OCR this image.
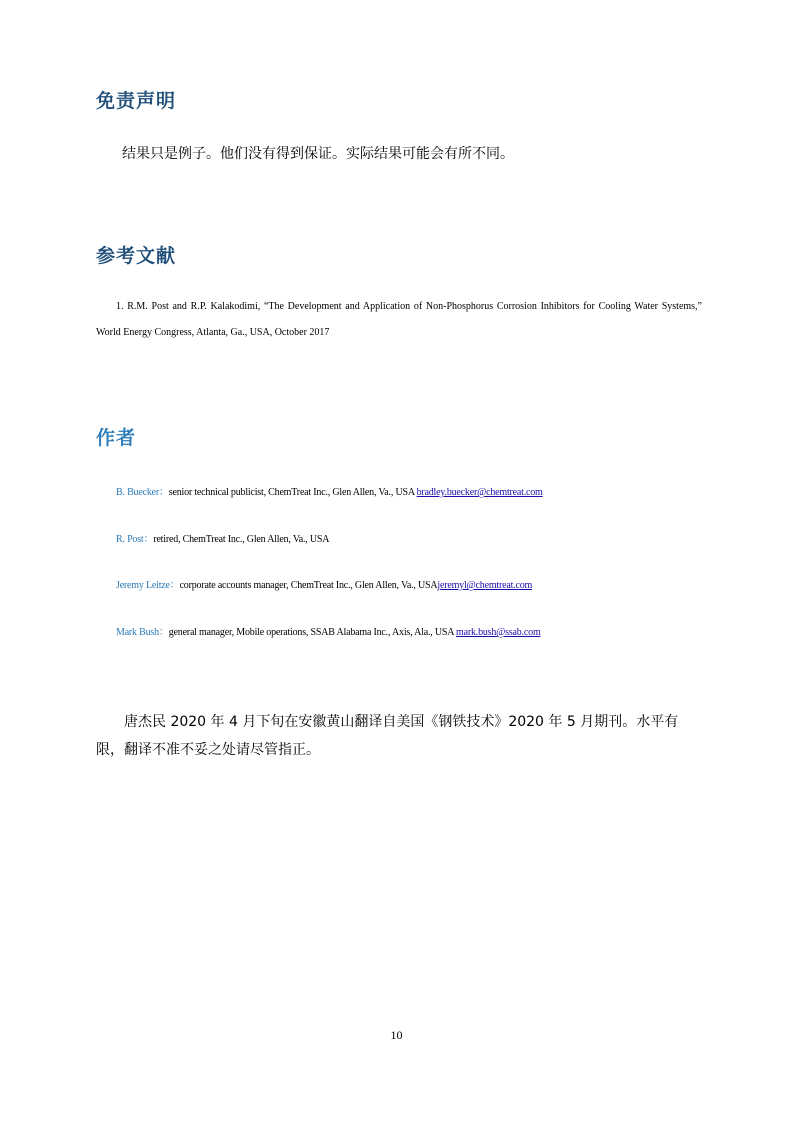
免责声明

结果只是例子。他们没有得到保证。实际结果可能会有所不同。

参考文献

1. R.M. Post and R.P. Kalakodimi, “The Development and Application of Non-Phosphorus Corrosion Inhibitors for Cooling Water Systems,” World Energy Congress, Atlanta, Ga., USA, October 2017

作者

B. Buecker：senior technical publicist, ChemTreat Inc., Glen Allen, Va., USA bradley.buecker@chemtreat.com

R. Post：retired, ChemTreat Inc., Glen Allen, Va., USA

Jeremy Leitze：corporate accounts manager, ChemTreat Inc., Glen Allen, Va., USAjeremyl@chemtreat.com

Mark Bush：general manager, Mobile operations, SSAB Alabama Inc., Axis, Ala., USA mark.bush@ssab.com

唐杰民 2020 年 4 月下旬在安徽黄山翻译自美国《钢铁技术》2020 年 5 月期刊。水平有限，翻译不准不妥之处请尽管指正。

10
